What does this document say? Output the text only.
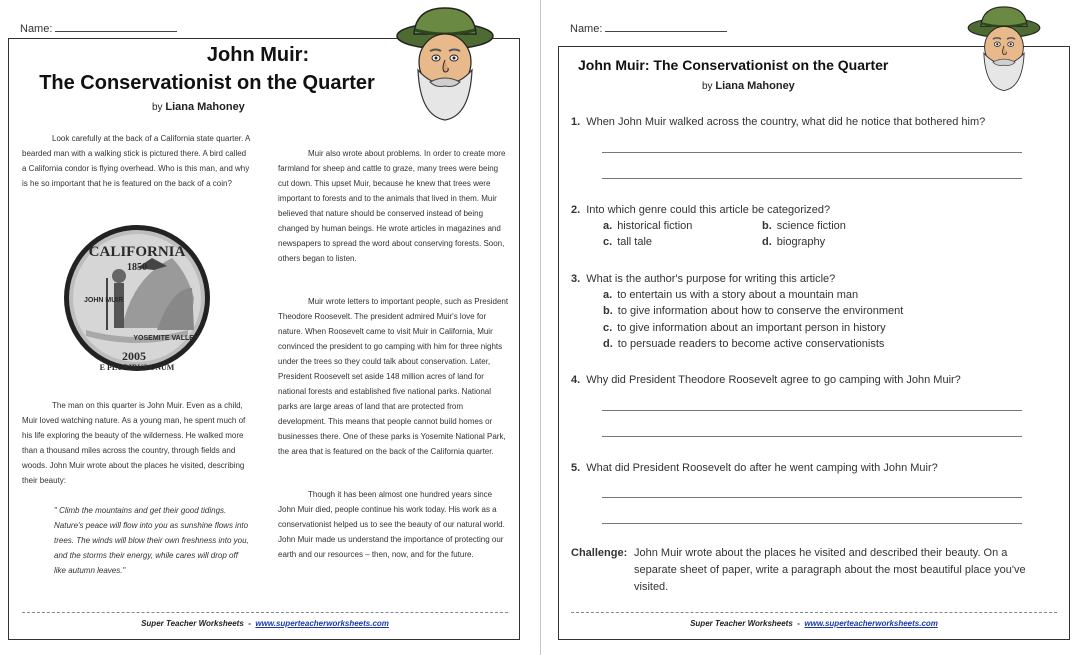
Name:
John Muir:
The Conservationist on the Quarter
by Liana Mahoney
CALIFORNIA
1850
JOHN MUIR
YOSEMITE VALLEY
2005
E PLURIBUS UNUM

Look carefully at the back of a California state quarter. A bearded man with a walking stick is pictured there. A bird called a California condor is flying overhead. Who is this man, and why is he so important that he is featured on the back of a coin?

The man on this quarter is John Muir. Even as a child, Muir loved watching nature. As a young man, he spent much of his life exploring the beauty of the wilderness. He walked more than a thousand miles across the country, through fields and woods. John Muir wrote about the places he visited, describing their beauty:

" Climb the mountains and get their good tidings. Nature's peace will flow into you as sunshine flows into trees. The winds will blow their own freshness into you, and the storms their energy, while cares will drop off like autumn leaves."

Muir also wrote about problems. In order to create more farmland for sheep and cattle to graze, many trees were being cut down. This upset Muir, because he knew that trees were important to forests and to the animals that lived in them. Muir believed that nature should be conserved instead of being changed by human beings. He wrote articles in magazines and newspapers to spread the word about conserving forests. Soon, others began to listen.

Muir wrote letters to important people, such as President Theodore Roosevelt. The president admired Muir's love for nature. When Roosevelt came to visit Muir in California, Muir convinced the president to go camping with him for three nights under the trees so they could talk about conservation. Later, President Roosevelt set aside 148 million acres of land for national forests and established five national parks. National parks are large areas of land that are protected from development. This means that people cannot build homes or businesses there. One of these parks is Yosemite National Park, the area that is featured on the back of the California quarter.

Though it has been almost one hundred years since John Muir died, people continue his work today. His work as a conservationist helped us to see the beauty of our natural world. John Muir made us understand the importance of protecting our earth and our resources – then, now, and for the future.

Super Teacher Worksheets - www.superteacherworksheets.com
Name:
John Muir: The Conservationist on the Quarter
by Liana Mahoney
1. When John Muir walked across the country, what did he notice that bothered him?
2. Into which genre could this article be categorized?
a. historical fiction	b. science fiction
c. tall tale	d. biography
3. What is the author's purpose for writing this article?
a. to entertain us with a story about a mountain man
b. to give information about how to conserve the environment
c. to give information about an important person in history
d. to persuade readers to become active conservationists
4. Why did President Theodore Roosevelt agree to go camping with John Muir?
5. What did President Roosevelt do after he went camping with John Muir?
Challenge: John Muir wrote about the places he visited and described their beauty. On a separate sheet of paper, write a paragraph about the most beautiful place you've visited.
Super Teacher Worksheets - www.superteacherworksheets.com
